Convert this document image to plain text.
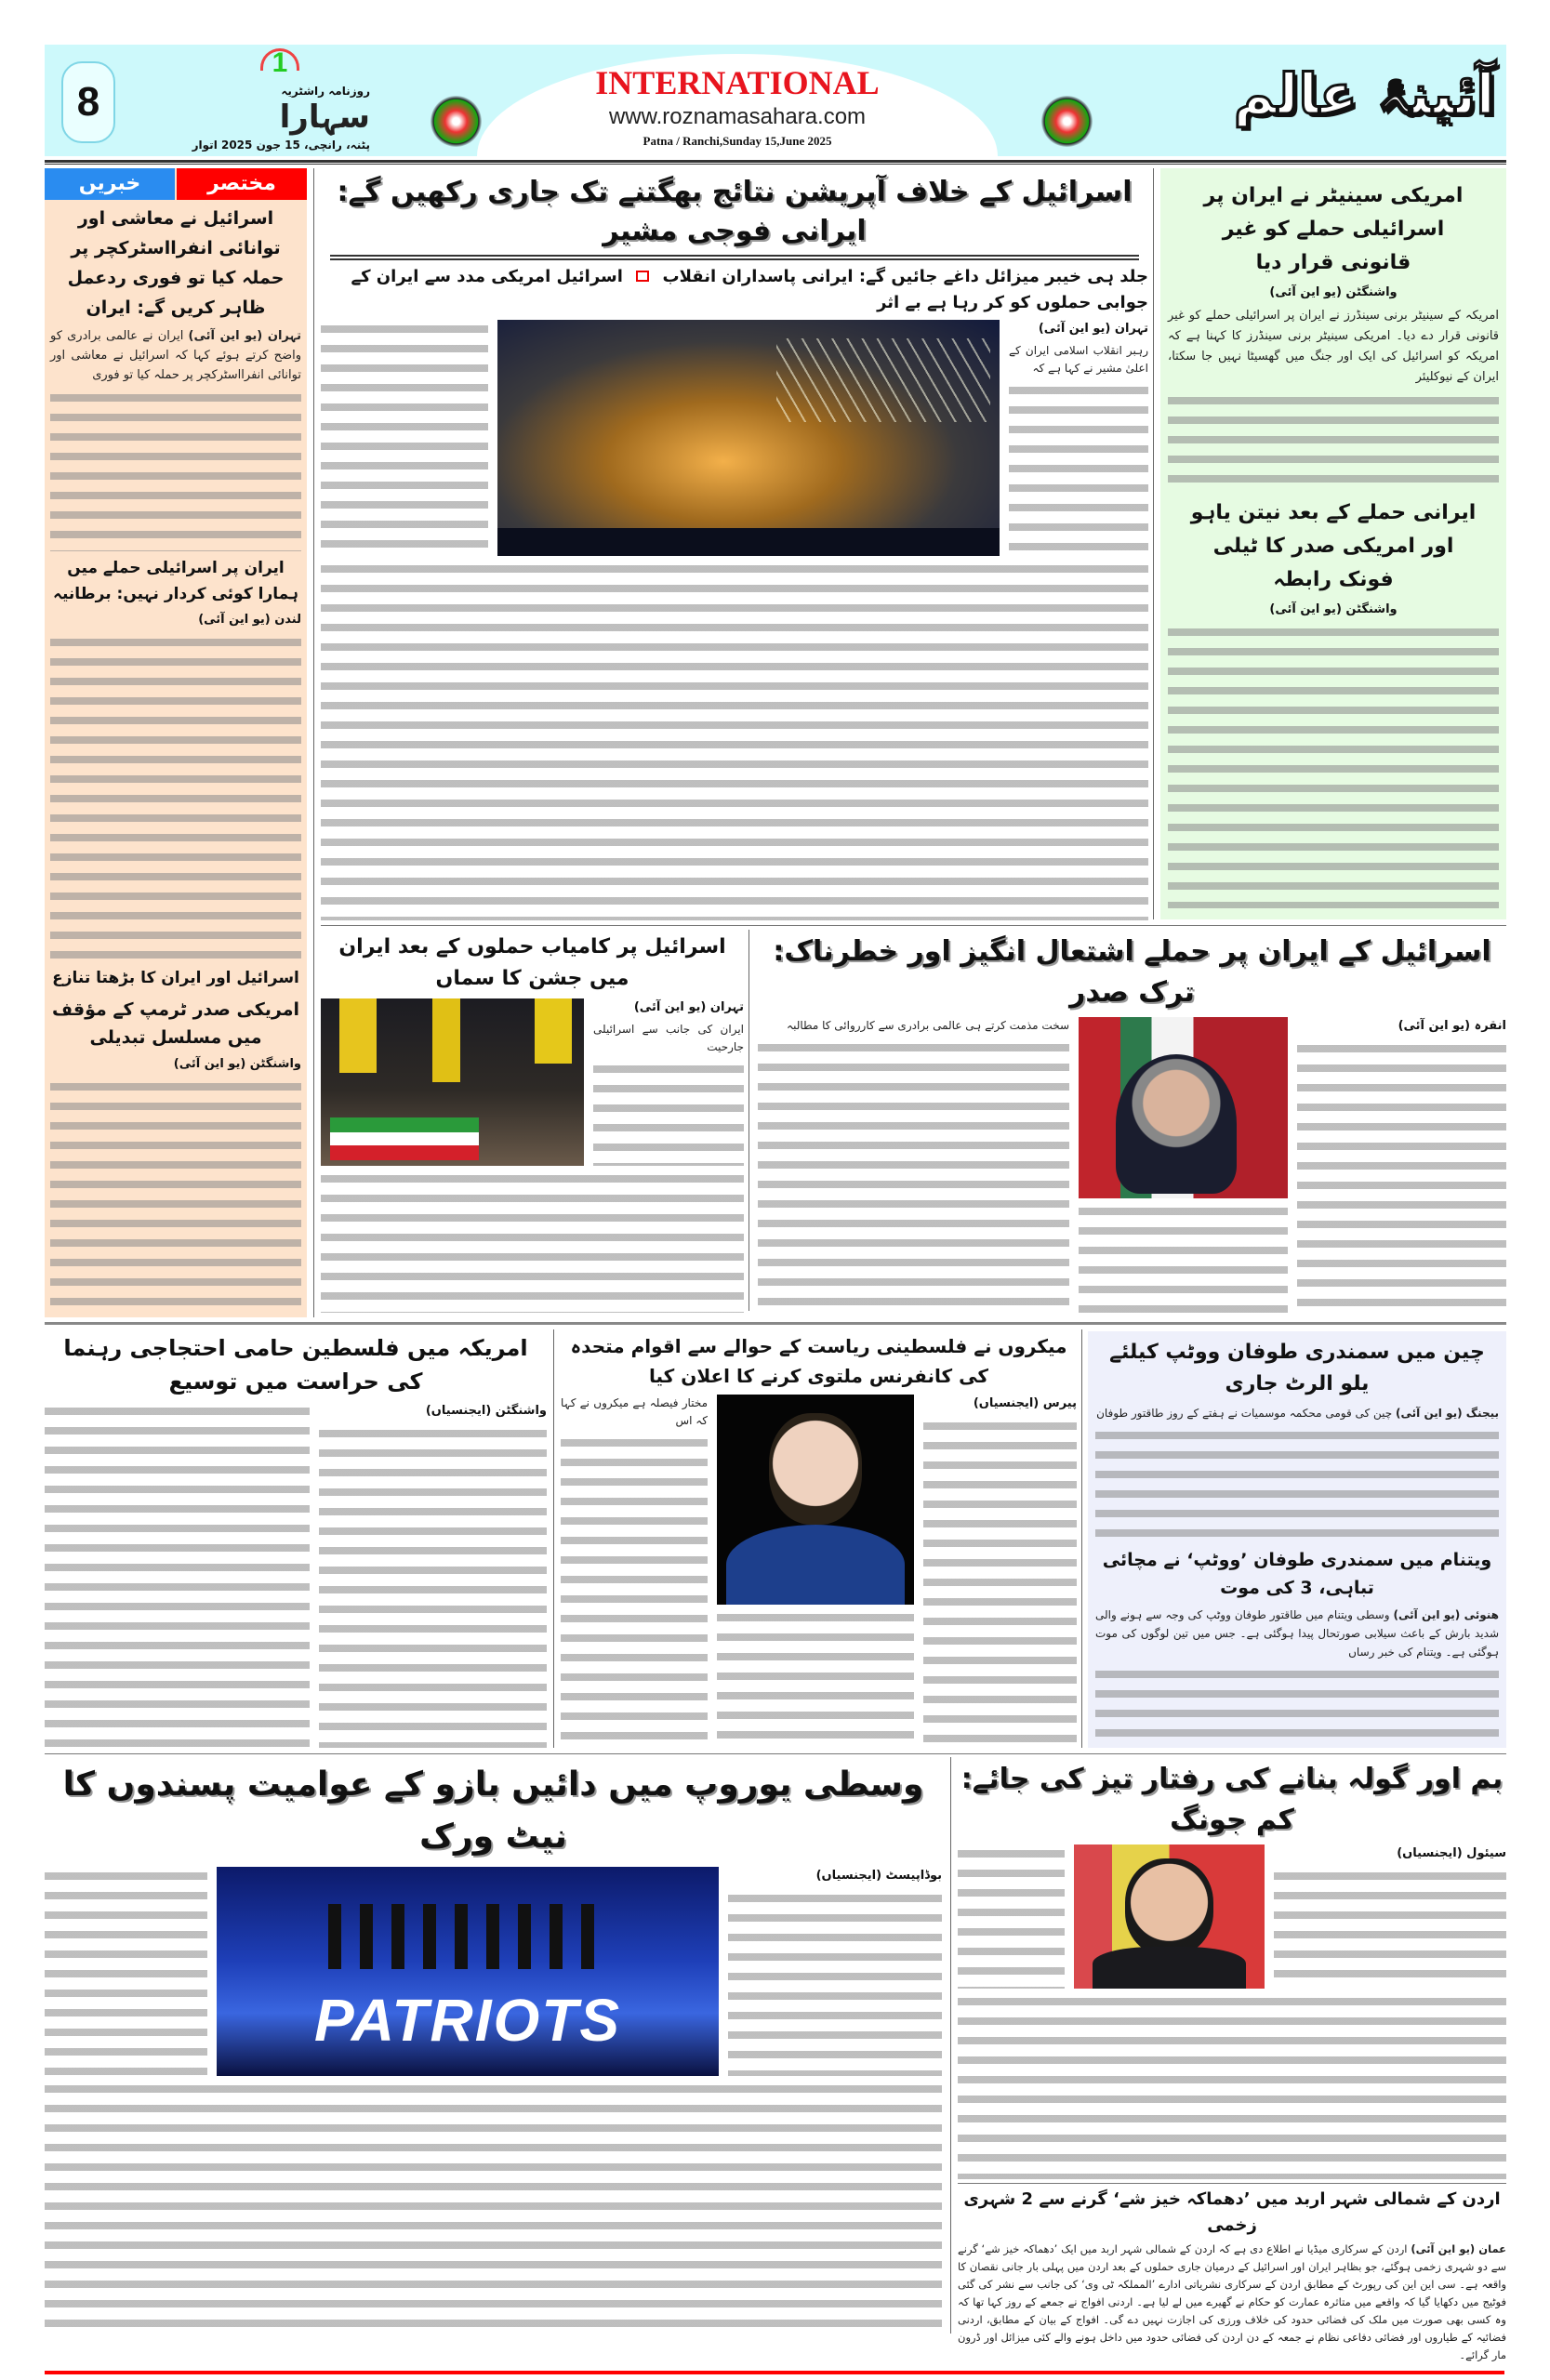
8
1
روزنامہ راشٹریہ
سہارا
پٹنہ، رانچی، 15 جون 2025 اتوار
INTERNATIONAL
www.roznamasahara.com
Patna / Ranchi,Sunday 15,June 2025
آئینۂ عالم
خبریں	مختصر
اسرائیل نے معاشی اور توانائی انفرااسٹرکچر پر حملہ کیا تو فوری ردعمل ظاہر کریں گے: ایران
تہران (یو این آئی) ایران نے عالمی برادری کو واضح کرتے ہوئے کہا کہ اسرائیل نے معاشی اور توانائی انفرااسٹرکچر پر حملہ کیا تو فوری
ایران پر اسرائیلی حملے میں ہمارا کوئی کردار نہیں: برطانیہ
لندن (یو این آئی)
اسرائیل اور ایران کا بڑھتا تنازع
امریکی صدر ٹرمپ کے مؤقف میں مسلسل تبدیلی
واشنگٹن (یو این آئی)
اسرائیل کے خلاف آپریشن نتائج بھگتنے تک جاری رکھیں گے: ایرانی فوجی مشیر
جلد ہی خیبر میزائل داغے جائیں گے: ایرانی پاسداران انقلاب  اسرائیل امریکی مدد سے ایران کے جوابی حملوں کو کر رہا ہے بے اثر
تہران (یو این آئی)
رہبر انقلاب اسلامی ایران کے اعلیٰ مشیر نے کہا ہے کہ
امریکی سینیٹر نے ایران پر اسرائیلی حملے کو غیر قانونی قرار دیا
واشنگٹن (یو این آئی)
امریکہ کے سینیٹر برنی سینڈرز نے ایران پر اسرائیلی حملے کو غیر قانونی قرار دے دیا۔ امریکی سینیٹر برنی سینڈرز کا کہنا ہے کہ امریکہ کو اسرائیل کی ایک اور جنگ میں گھسیٹا نہیں جا سکتا، ایران کے نیوکلیئر
ایرانی حملے کے بعد نیتن یاہو اور امریکی صدر کا ٹیلی فونک رابطہ
واشنگٹن (یو این آئی)
اسرائیل پر کامیاب حملوں کے بعد ایران میں جشن کا سماں
تہران (یو این آئی)
ایران کی جانب سے اسرائیلی جارحیت
اسرائیل کے ایران پر حملے اشتعال انگیز اور خطرناک: ترک صدر
انقرہ (یو این آئی)
سخت مذمت کرتے ہی عالمی برادری سے کارروائی کا مطالبہ
امریکہ میں فلسطین حامی احتجاجی رہنما کی حراست میں توسیع
واشنگٹن (ایجنسیاں)
میکروں نے فلسطینی ریاست کے حوالے سے اقوام متحدہ کی کانفرنس ملتوی کرنے کا اعلان کیا
پیرس (ایجنسیاں)
مختار فیصلہ ہے میکروں نے کہا کہ اس
چین میں سمندری طوفان ووٹپ کیلئے یلو الرٹ جاری
بیجنگ (یو این آئی) چین کی قومی محکمہ موسمیات نے ہفتے کے روز طاقتور طوفان
ویتنام میں سمندری طوفان ’ووٹپ‘ نے مچائی تباہی، 3 کی موت
ھنوئی (یو این آئی) وسطی ویتنام میں طاقتور طوفان ووٹپ کی وجہ سے ہونے والی شدید بارش کے باعث سیلابی صورتحال پیدا ہوگئی ہے۔ جس میں تین لوگوں کی موت ہوگئی ہے۔ ویتنام کی خبر رساں
وسطی یوروپ میں دائیں بازو کے عوامیت پسندوں کا نیٹ ورک
بوڈاپیسٹ (ایجنسیاں)
PATRIOTS
بم اور گولہ بنانے کی رفتار تیز کی جائے: کم جونگ
سیئول (ایجنسیاں)
اردن کے شمالی شہر اربد میں ’دھماکہ خیز شے‘ گرنے سے 2 شہری زخمی
عمان (یو این آئی) اردن کے سرکاری میڈیا نے اطلاع دی ہے کہ اردن کے شمالی شہر اربد میں ایک ’دھماکہ خیز شے‘ گرنے سے دو شہری زخمی ہوگئے، جو بظاہر ایران اور اسرائیل کے درمیان جاری حملوں کے بعد اردن میں پہلی بار جانی نقصان کا واقعہ ہے۔ سی این این کی رپورٹ کے مطابق اردن کے سرکاری نشریاتی ادارے ’المملکہ ٹی وی‘ کی جانب سے نشر کی گئی فوٹیج میں دکھایا گیا کہ واقعے میں متاثرہ عمارت کو حکام نے گھیرے میں لے لیا ہے۔ اردنی افواج نے جمعے کے روز کہا تھا کہ وہ کسی بھی صورت میں ملک کی فضائی حدود کی خلاف ورزی کی اجازت نہیں دے گی۔ افواج کے بیان کے مطابق، اردنی فضائیہ کے طیاروں اور فضائی دفاعی نظام نے جمعہ کے دن اردن کی فضائی حدود میں داخل ہونے والے کئی میزائل اور ڈرون مار گرائے۔
